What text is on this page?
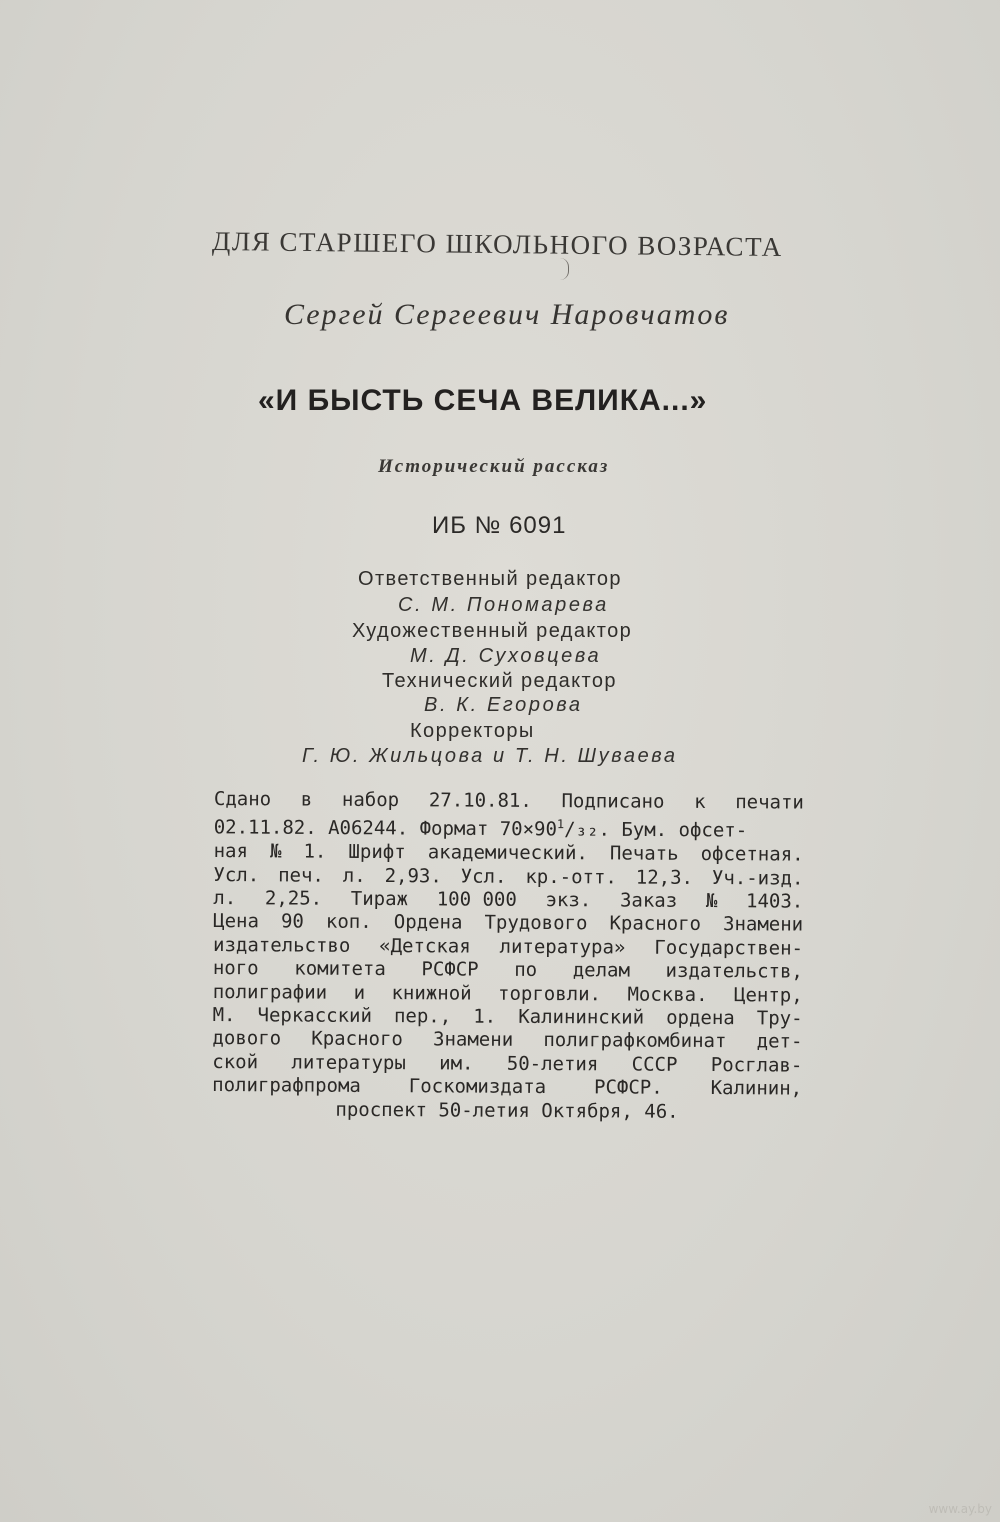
ДЛЯ СТАРШЕГО ШКОЛЬНОГО ВОЗРАСТА
Сергей Сергеевич Наровчатов
«И БЫСТЬ СЕЧА ВЕЛИКА...»
Исторический рассказ
ИБ № 6091
Ответственный редактор
С. М. Пономарева
Художественный редактор
М. Д. Суховцева
Технический редактор
В. К. Егорова
Корректоры
Г. Ю. Жильцова и Т. Н. Шуваева
Сдано в набор 27.10.81. Подписано к печати
02.11.82. А06244. Формат $70\times 90^1/_{32}$. Бум. офсет-
ная № 1. Шрифт академический. Печать офсетная.
Усл. печ. л. 2,93. Усл. кр.-отт. 12,3. Уч.-изд.
л. 2,25. Тираж 100 000 экз. Заказ № 1403.
Цена 90 коп. Ордена Трудового Красного Знамени
издательство «Детская литература» Государствен-
ного комитета РСФСР по делам издательств,
полиграфии и книжной торговли. Москва. Центр,
М. Черкасский пер., 1. Калининский ордена Тру-
дового Красного Знамени полиграфкомбинат дет-
ской литературы им. 50-летия СССР Росглав-
полиграфпрома	Госкомиздата	РСФСР.	Калинин,
проспект 50-летия Октября, 46.
www.ay.by
